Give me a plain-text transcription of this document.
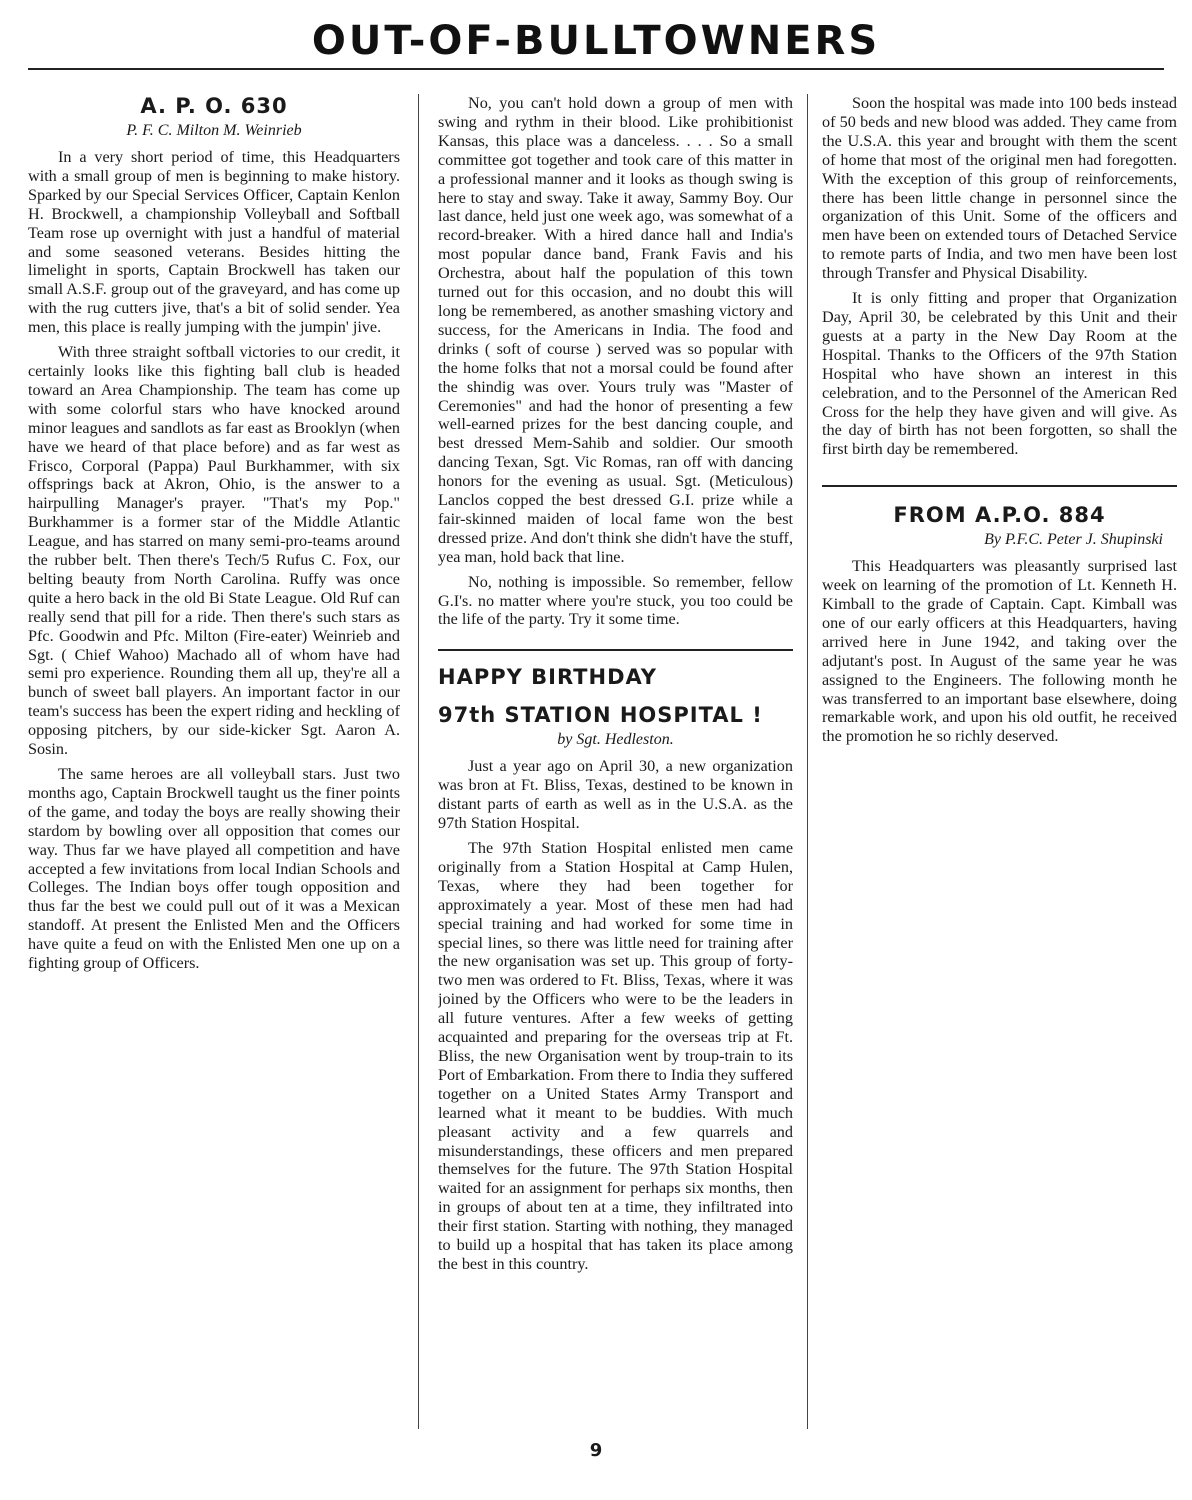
OUT-OF-BULLTOWNERS
A. P. O. 630
P. F. C. Milton M. Weinrieb

In a very short period of time, this Headquarters with a small group of men is beginning to make history. Sparked by our Special Services Officer, Captain Kenlon H. Brockwell, a championship Volleyball and Softball Team rose up overnight with just a handful of material and some seasoned veterans. Besides hitting the limelight in sports, Captain Brockwell has taken our small A.S.F. group out of the graveyard, and has come up with the rug cutters jive, that's a bit of solid sender. Yea men, this place is really jumping with the jumpin' jive.

With three straight softball victories to our credit, it certainly looks like this fighting ball club is headed toward an Area Championship. The team has come up with some colorful stars who have knocked around minor leagues and sandlots as far east as Brooklyn (when have we heard of that place before) and as far west as Frisco, Corporal (Pappa) Paul Burkhammer, with six offsprings back at Akron, Ohio, is the answer to a hairpulling Manager's prayer. "That's my Pop." Burkhammer is a former star of the Middle Atlantic League, and has starred on many semi-pro-teams around the rubber belt. Then there's Tech/5 Rufus C. Fox, our belting beauty from North Carolina. Ruffy was once quite a hero back in the old Bi State League. Old Ruf can really send that pill for a ride. Then there's such stars as Pfc. Goodwin and Pfc. Milton (Fire-eater) Weinrieb and Sgt. ( Chief Wahoo) Machado all of whom have had semi pro experience. Rounding them all up, they're all a bunch of sweet ball players. An important factor in our team's success has been the expert riding and heckling of opposing pitchers, by our side-kicker Sgt. Aaron A. Sosin.

The same heroes are all volleyball stars. Just two months ago, Captain Brockwell taught us the finer points of the game, and today the boys are really showing their stardom by bowling over all opposition that comes our way. Thus far we have played all competition and have accepted a few invitations from local Indian Schools and Colleges. The Indian boys offer tough opposition and thus far the best we could pull out of it was a Mexican standoff. At present the Enlisted Men and the Officers have quite a feud on with the Enlisted Men one up on a fighting group of Officers.

No, you can't hold down a group of men with swing and rythm in their blood. Like prohibitionist Kansas, this place was a danceless. . . . So a small committee got together and took care of this matter in a professional manner and it looks as though swing is here to stay and sway. Take it away, Sammy Boy. Our last dance, held just one week ago, was somewhat of a record-breaker. With a hired dance hall and India's most popular dance band, Frank Favis and his Orchestra, about half the population of this town turned out for this occasion, and no doubt this will long be remembered, as another smashing victory and success, for the Americans in India. The food and drinks ( soft of course ) served was so popular with the home folks that not a morsal could be found after the shindig was over. Yours truly was "Master of Ceremonies" and had the honor of presenting a few well-earned prizes for the best dancing couple, and best dressed Mem-Sahib and soldier. Our smooth dancing Texan, Sgt. Vic Romas, ran off with dancing honors for the evening as usual. Sgt. (Meticulous) Lanclos copped the best dressed G.I. prize while a fair-skinned maiden of local fame won the best dressed prize. And don't think she didn't have the stuff, yea man, hold back that line.

No, nothing is impossible. So remember, fellow G.I's. no matter where you're stuck, you too could be the life of the party. Try it some time.

HAPPY BIRTHDAY
97th STATION HOSPITAL !
by Sgt. Hedleston.

Just a year ago on April 30, a new organization was bron at Ft. Bliss, Texas, destined to be known in distant parts of earth as well as in the U.S.A. as the 97th Station Hospital.

The 97th Station Hospital enlisted men came originally from a Station Hospital at Camp Hulen, Texas, where they had been together for approximately a year. Most of these men had had special training and had worked for some time in special lines, so there was little need for training after the new organisation was set up. This group of forty-two men was ordered to Ft. Bliss, Texas, where it was joined by the Officers who were to be the leaders in all future ventures. After a few weeks of getting acquainted and preparing for the overseas trip at Ft. Bliss, the new Organisation went by troup-train to its Port of Embarkation. From there to India they suffered together on a United States Army Transport and learned what it meant to be buddies. With much pleasant activity and a few quarrels and misunderstandings, these officers and men prepared themselves for the future. The 97th Station Hospital waited for an assignment for perhaps six months, then in groups of about ten at a time, they infiltrated into their first station. Starting with nothing, they managed to build up a hospital that has taken its place among the best in this country.

Soon the hospital was made into 100 beds instead of 50 beds and new blood was added. They came from the U.S.A. this year and brought with them the scent of home that most of the original men had foregotten. With the exception of this group of reinforcements, there has been little change in personnel since the organization of this Unit. Some of the officers and men have been on extended tours of Detached Service to remote parts of India, and two men have been lost through Transfer and Physical Disability.

It is only fitting and proper that Organization Day, April 30, be celebrated by this Unit and their guests at a party in the New Day Room at the Hospital. Thanks to the Officers of the 97th Station Hospital who have shown an interest in this celebration, and to the Personnel of the American Red Cross for the help they have given and will give. As the day of birth has not been forgotten, so shall the first birth day be remembered.

FROM A.P.O. 884
By P.F.C. Peter J. Shupinski

This Headquarters was pleasantly surprised last week on learning of the promotion of Lt. Kenneth H. Kimball to the grade of Captain. Capt. Kimball was one of our early officers at this Headquarters, having arrived here in June 1942, and taking over the adjutant's post. In August of the same year he was assigned to the Engineers. The following month he was transferred to an important base elsewhere, doing remarkable work, and upon his old outfit, he received the promotion he so richly deserved.

9
